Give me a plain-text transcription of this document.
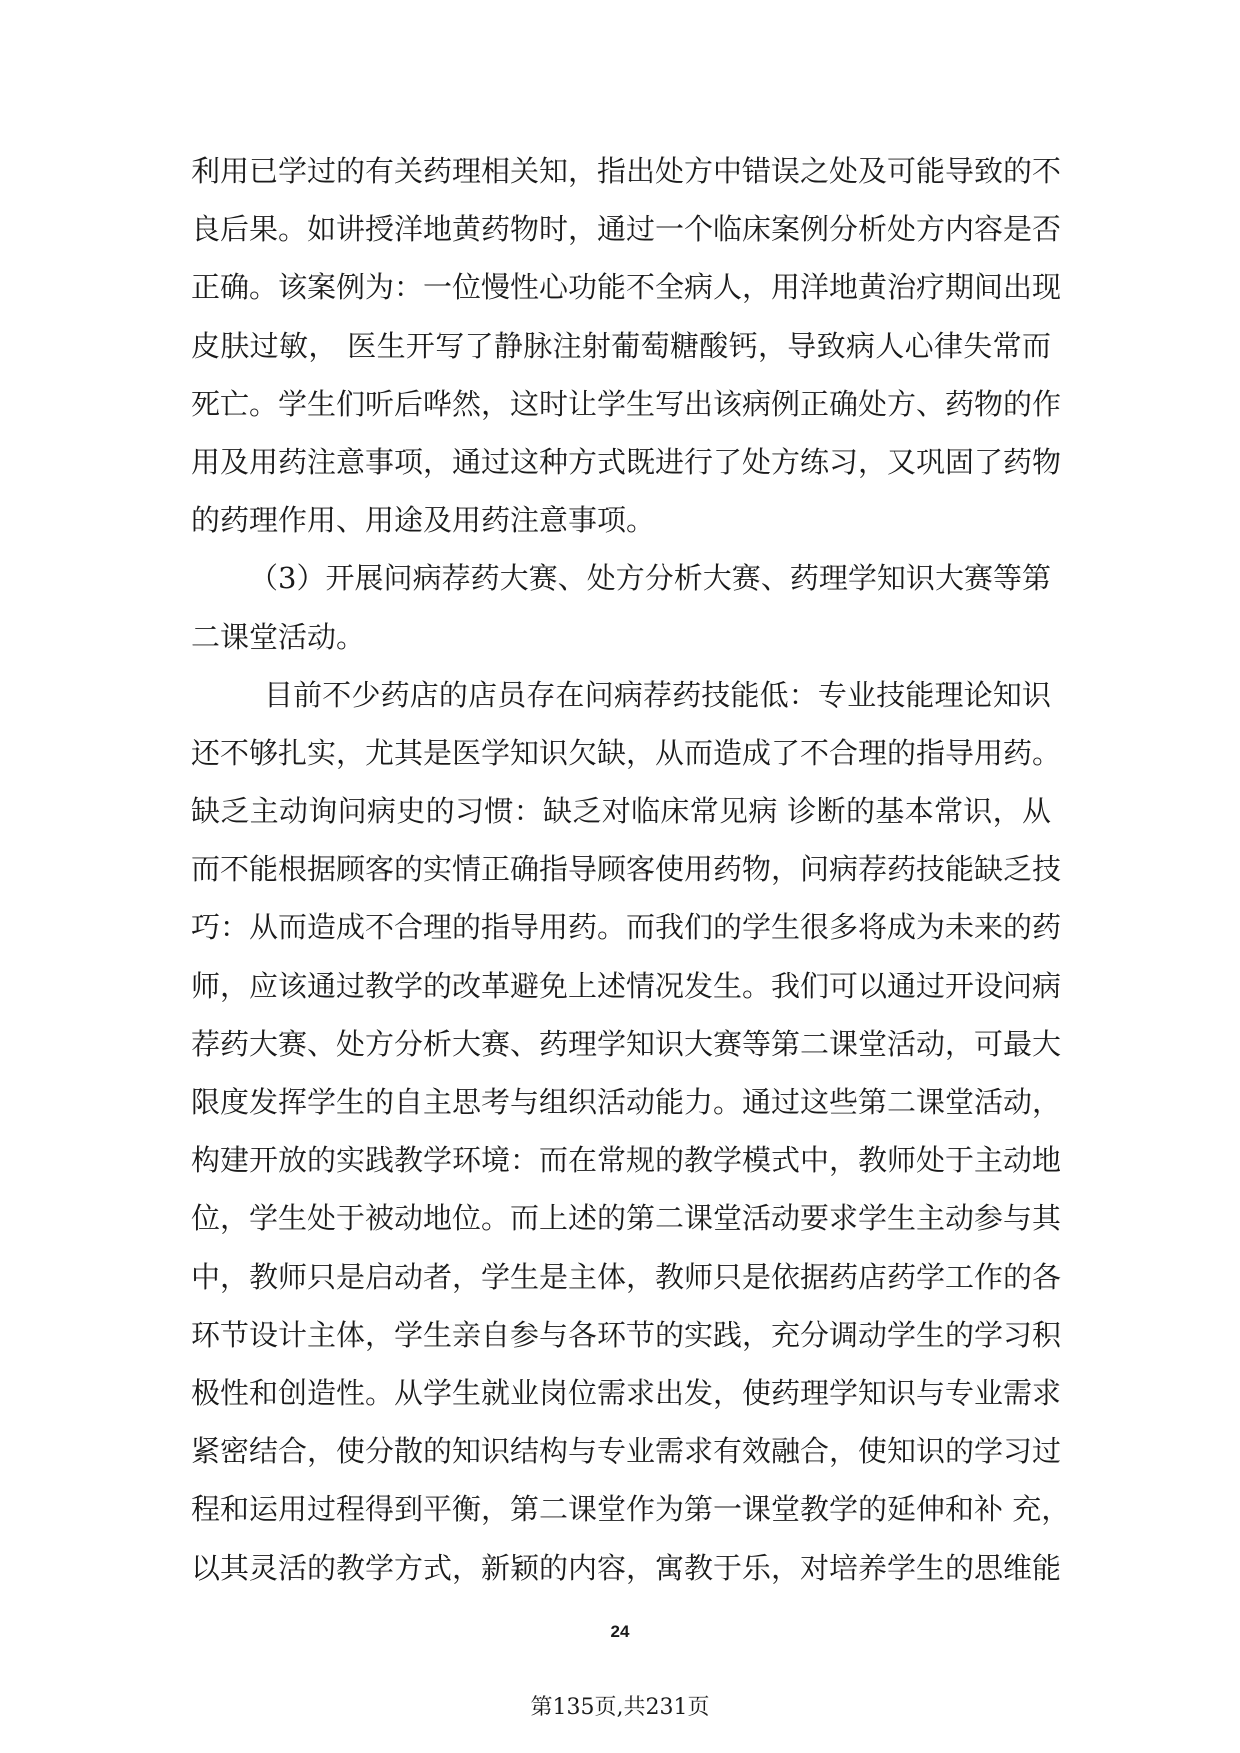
利用已学过的有关药理相关知，指出处方中错误之处及可能导致的不
良后果。如讲授洋地黄药物时，通过一个临床案例分析处方内容是否
正确。该案例为：一位慢性心功能不全病人，用洋地黄治疗期间出现
皮肤过敏， 医生开写了静脉注射葡萄糖酸钙，导致病人心律失常而
死亡。学生们听后哗然，这时让学生写出该病例正确处方、药物的作
用及用药注意事项，通过这种方式既进行了处方练习，又巩固了药物
的药理作用、用途及用药注意事项。
（3）开展问病荐药大赛、处方分析大赛、药理学知识大赛等第
二课堂活动。
目前不少药店的店员存在问病荐药技能低：专业技能理论知识
还不够扎实，尤其是医学知识欠缺，从而造成了不合理的指导用药。
缺乏主动询问病史的习惯：缺乏对临床常见病 诊断的基本常识，从
而不能根据顾客的实情正确指导顾客使用药物，问病荐药技能缺乏技
巧：从而造成不合理的指导用药。而我们的学生很多将成为未来的药
师，应该通过教学的改革避免上述情况发生。我们可以通过开设问病
荐药大赛、处方分析大赛、药理学知识大赛等第二课堂活动，可最大
限度发挥学生的自主思考与组织活动能力。通过这些第二课堂活动，
构建开放的实践教学环境：而在常规的教学模式中，教师处于主动地
位，学生处于被动地位。而上述的第二课堂活动要求学生主动参与其
中，教师只是启动者，学生是主体，教师只是依据药店药学工作的各
环节设计主体，学生亲自参与各环节的实践，充分调动学生的学习积
极性和创造性。从学生就业岗位需求出发，使药理学知识与专业需求
紧密结合，使分散的知识结构与专业需求有效融合，使知识的学习过
程和运用过程得到平衡，第二课堂作为第一课堂教学的延伸和补 充，
以其灵活的教学方式，新颖的内容，寓教于乐，对培养学生的思维能
24
第135页,共231页
